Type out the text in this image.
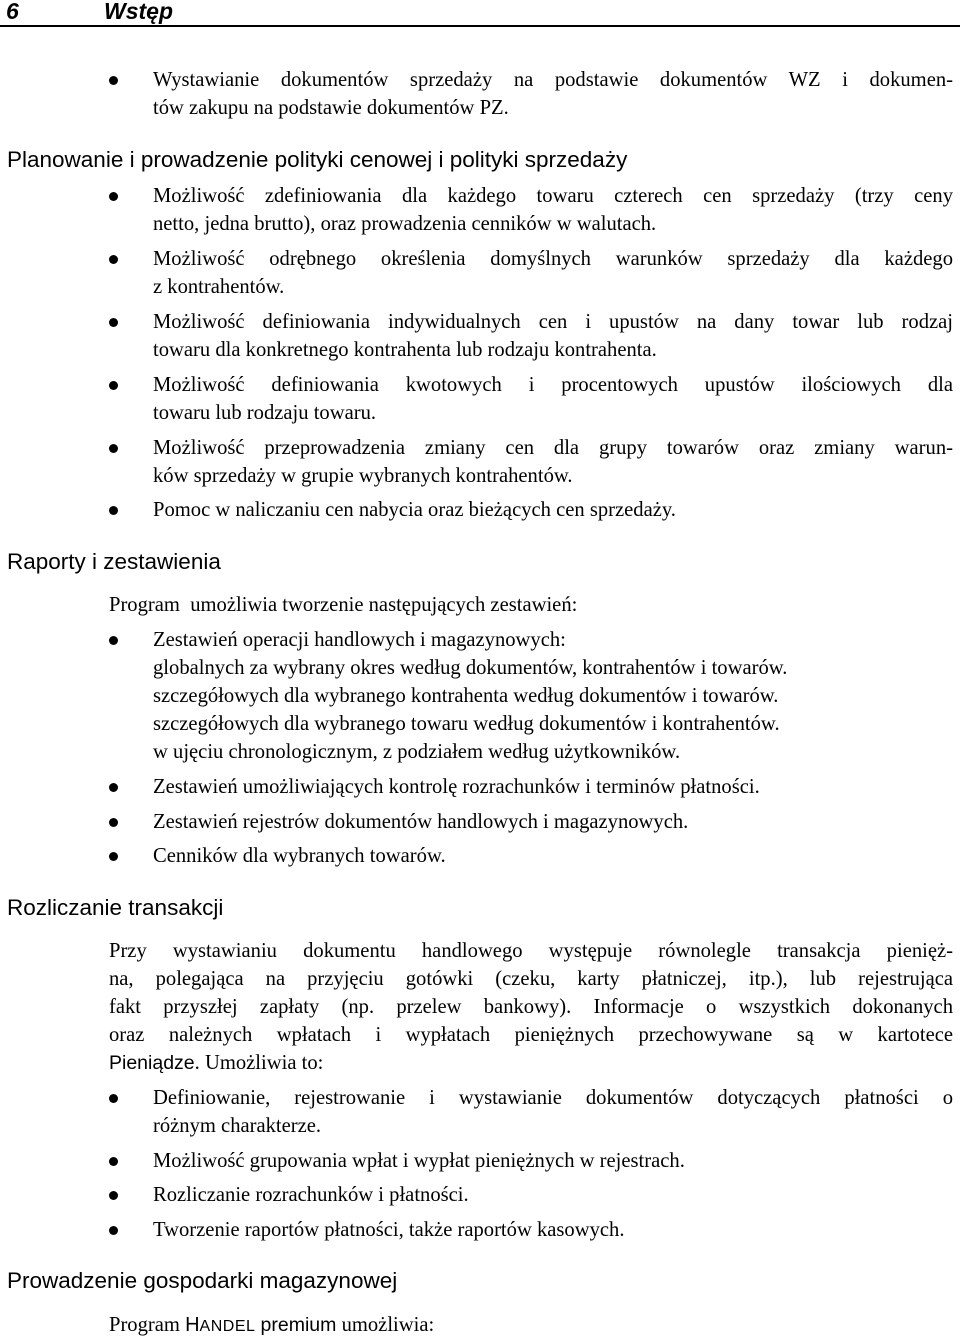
6	Wstęp
Wystawianie dokumentów sprzedaży na podstawie dokumentów WZ i dokumen-
tów zakupu na podstawie dokumentów PZ.
Planowanie i prowadzenie polityki cenowej i polityki sprzedaży
Możliwość zdefiniowania dla każdego towaru czterech cen sprzedaży (trzy ceny
netto, jedna brutto), oraz prowadzenia cenników w walutach.
Możliwość odrębnego określenia domyślnych warunków sprzedaży dla każdego
z kontrahentów.
Możliwość definiowania indywidualnych cen i upustów na dany towar lub rodzaj
towaru dla konkretnego kontrahenta lub rodzaju kontrahenta.
Możliwość definiowania kwotowych i procentowych upustów ilościowych dla
towaru lub rodzaju towaru.
Możliwość przeprowadzenia zmiany cen dla grupy towarów oraz zmiany warun-
ków sprzedaży w grupie wybranych kontrahentów.
Pomoc w naliczaniu cen nabycia oraz bieżących cen sprzedaży.
Raporty i zestawienia
Program  umożliwia tworzenie następujących zestawień:
Zestawień operacji handlowych i magazynowych:
globalnych za wybrany okres według dokumentów, kontrahentów i towarów.
szczegółowych dla wybranego kontrahenta według dokumentów i towarów.
szczegółowych dla wybranego towaru według dokumentów i kontrahentów.
w ujęciu chronologicznym, z podziałem według użytkowników.
Zestawień umożliwiających kontrolę rozrachunków i terminów płatności.
Zestawień rejestrów dokumentów handlowych i magazynowych.
Cenników dla wybranych towarów.
Rozliczanie transakcji
Przy wystawianiu dokumentu handlowego występuje równolegle transakcja pienięż-
na, polegająca na przyjęciu gotówki (czeku, karty płatniczej, itp.), lub rejestrująca
fakt przyszłej zapłaty (np. przelew bankowy). Informacje o wszystkich dokonanych
oraz należnych wpłatach i wypłatach pieniężnych przechowywane są w kartotece
Pieniądze. Umożliwia to:
Definiowanie, rejestrowanie i wystawianie dokumentów dotyczących płatności o
różnym charakterze.
Możliwość grupowania wpłat i wypłat pieniężnych w rejestrach.
Rozliczanie rozrachunków i płatności.
Tworzenie raportów płatności, także raportów kasowych.
Prowadzenie gospodarki magazynowej
Program HANDEL premium umożliwia:
